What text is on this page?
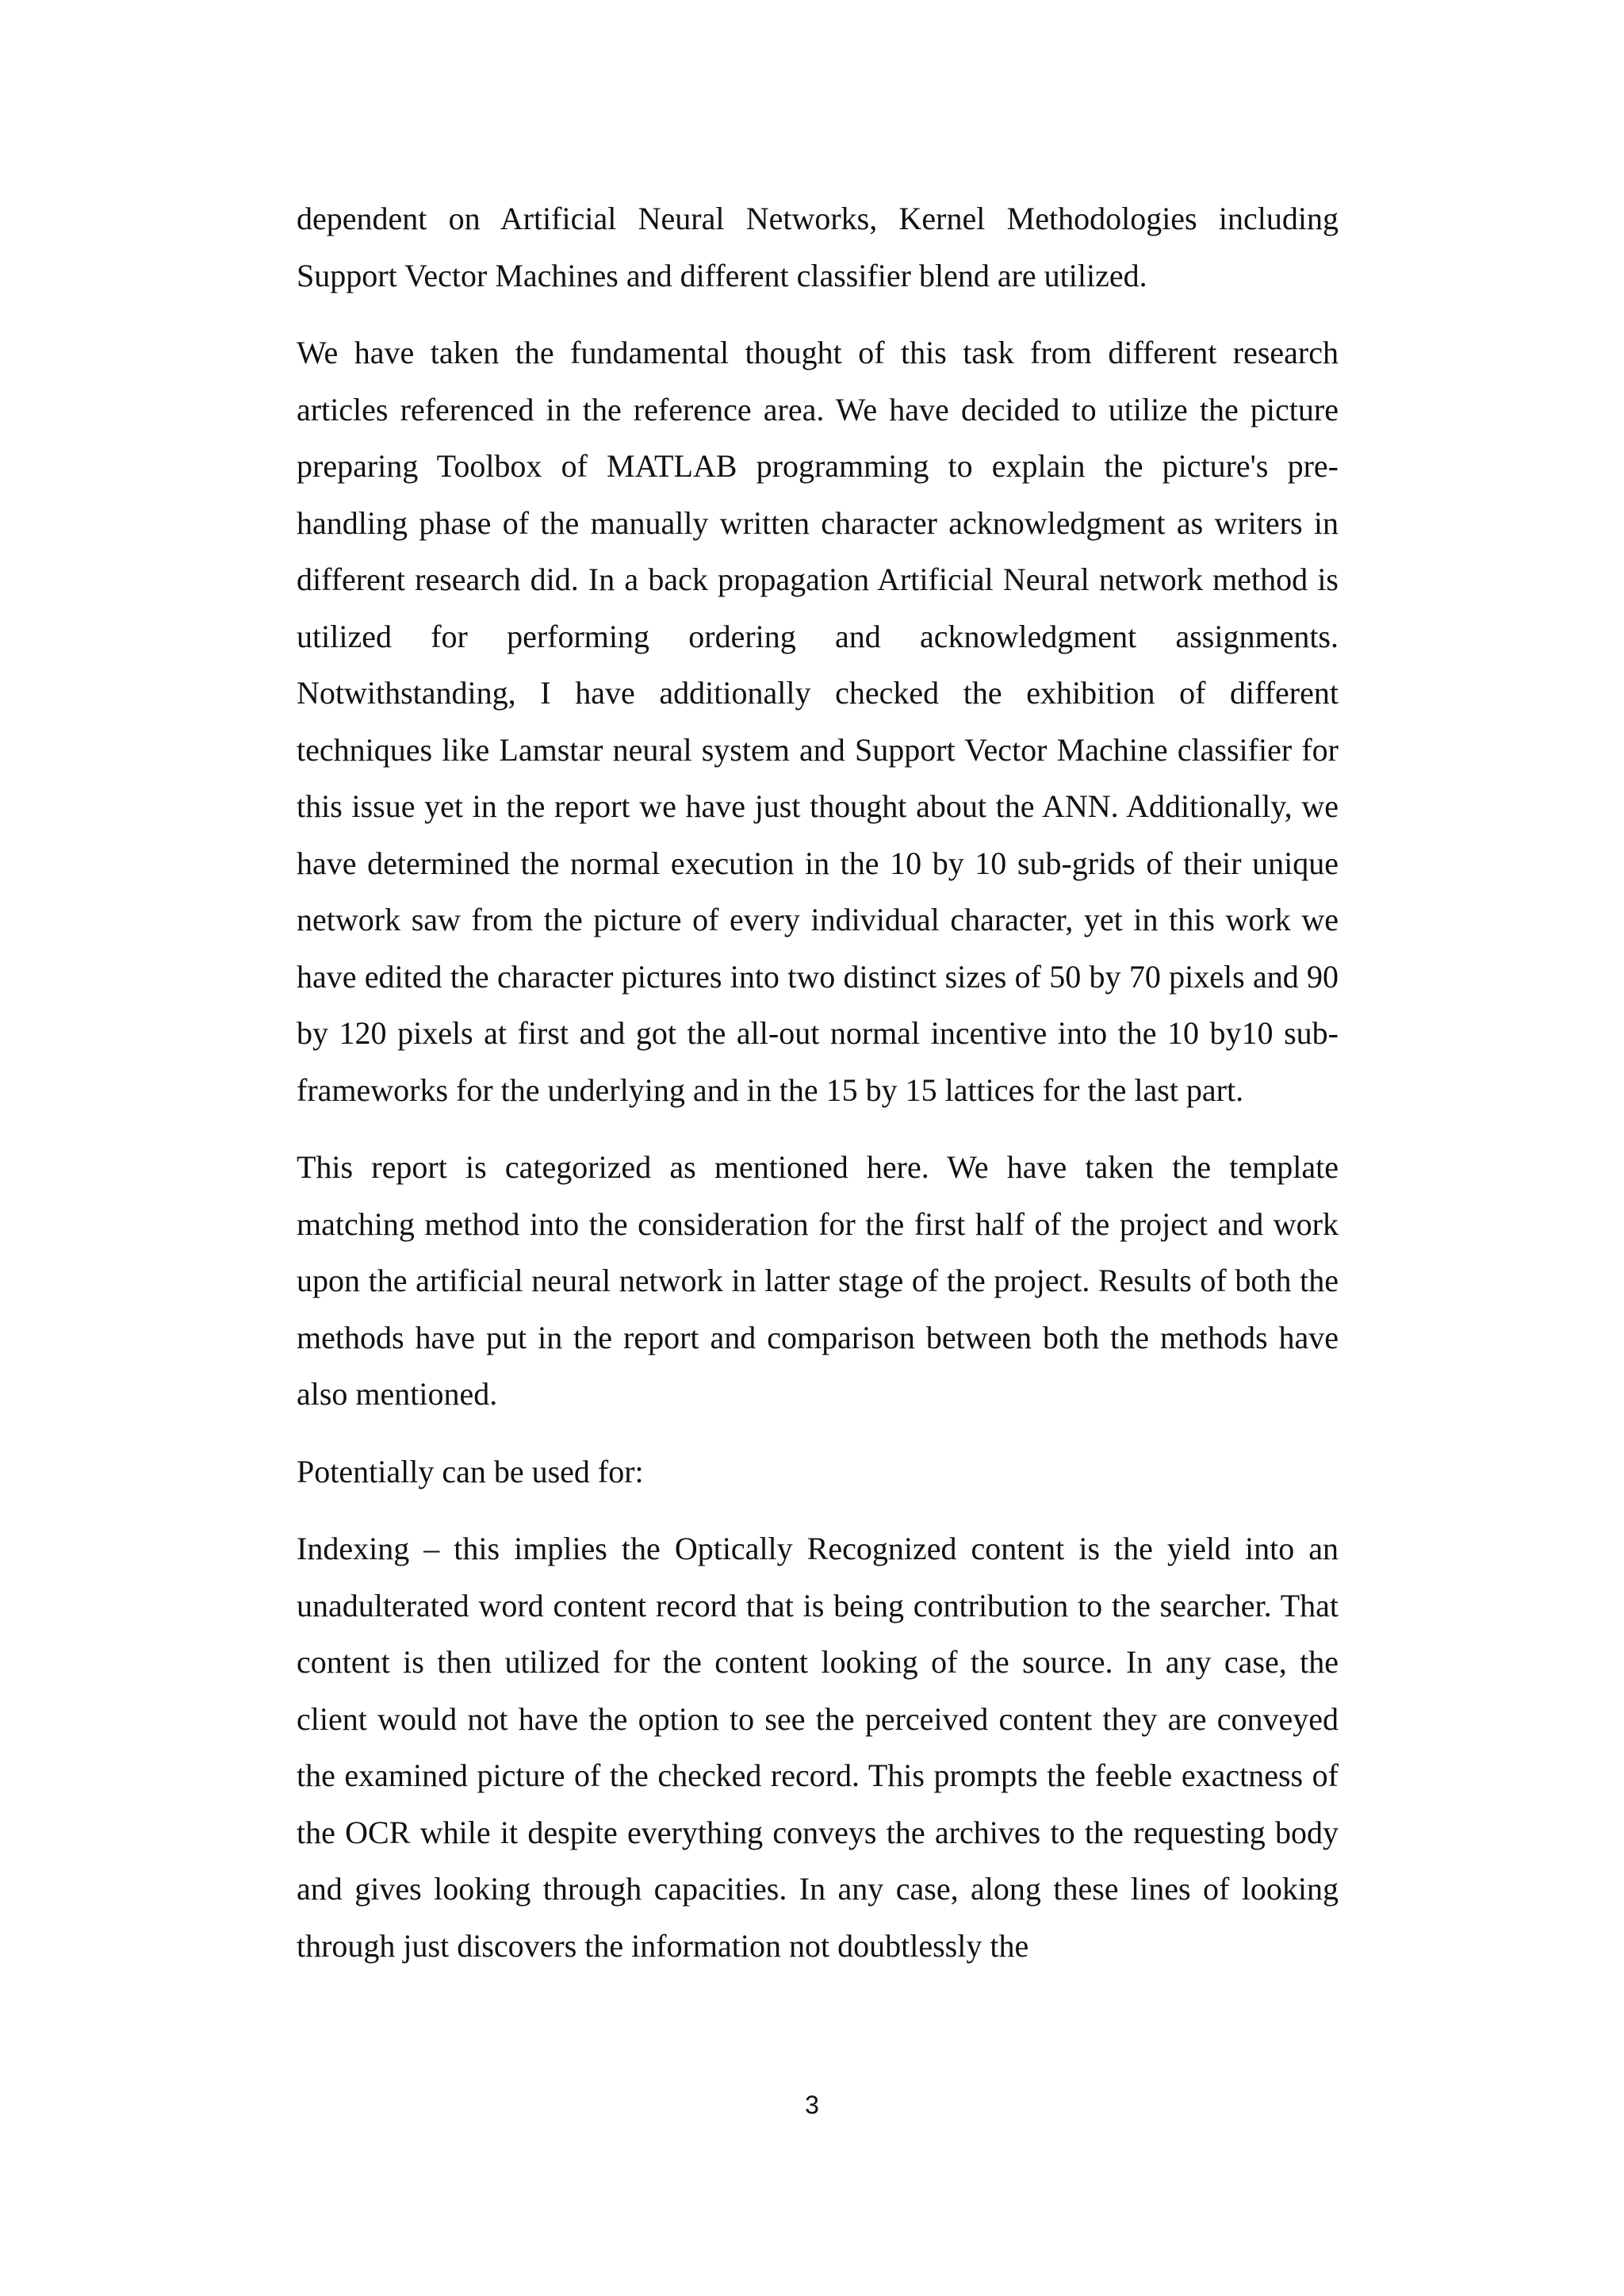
dependent on Artificial Neural Networks, Kernel Methodologies including Support Vector Machines and different classifier blend are utilized.

We have taken the fundamental thought of this task from different research articles referenced in the reference area. We have decided to utilize the picture preparing Toolbox of MATLAB programming to explain the picture's pre-handling phase of the manually written character acknowledgment as writers in different research did. In a back propagation Artificial Neural network method is utilized for performing ordering and acknowledgment assignments. Notwithstanding, I have additionally checked the exhibition of different techniques like Lamstar neural system and Support Vector Machine classifier for this issue yet in the report we have just thought about the ANN. Additionally, we have determined the normal execution in the 10 by 10 sub-grids of their unique network saw from the picture of every individual character, yet in this work we have edited the character pictures into two distinct sizes of 50 by 70 pixels and 90 by 120 pixels at first and got the all-out normal incentive into the 10 by10 sub-frameworks for the underlying and in the 15 by 15 lattices for the last part.

This report is categorized as mentioned here. We have taken the template matching method into the consideration for the first half of the project and work upon the artificial neural network in latter stage of the project. Results of both the methods have put in the report and comparison between both the methods have also mentioned.

Potentially can be used for:

Indexing – this implies the Optically Recognized content is the yield into an unadulterated word content record that is being contribution to the searcher. That content is then utilized for the content looking of the source. In any case, the client would not have the option to see the perceived content they are conveyed the examined picture of the checked record. This prompts the feeble exactness of the OCR while it despite everything conveys the archives to the requesting body and gives looking through capacities. In any case, along these lines of looking through just discovers the information not doubtlessly the

3
